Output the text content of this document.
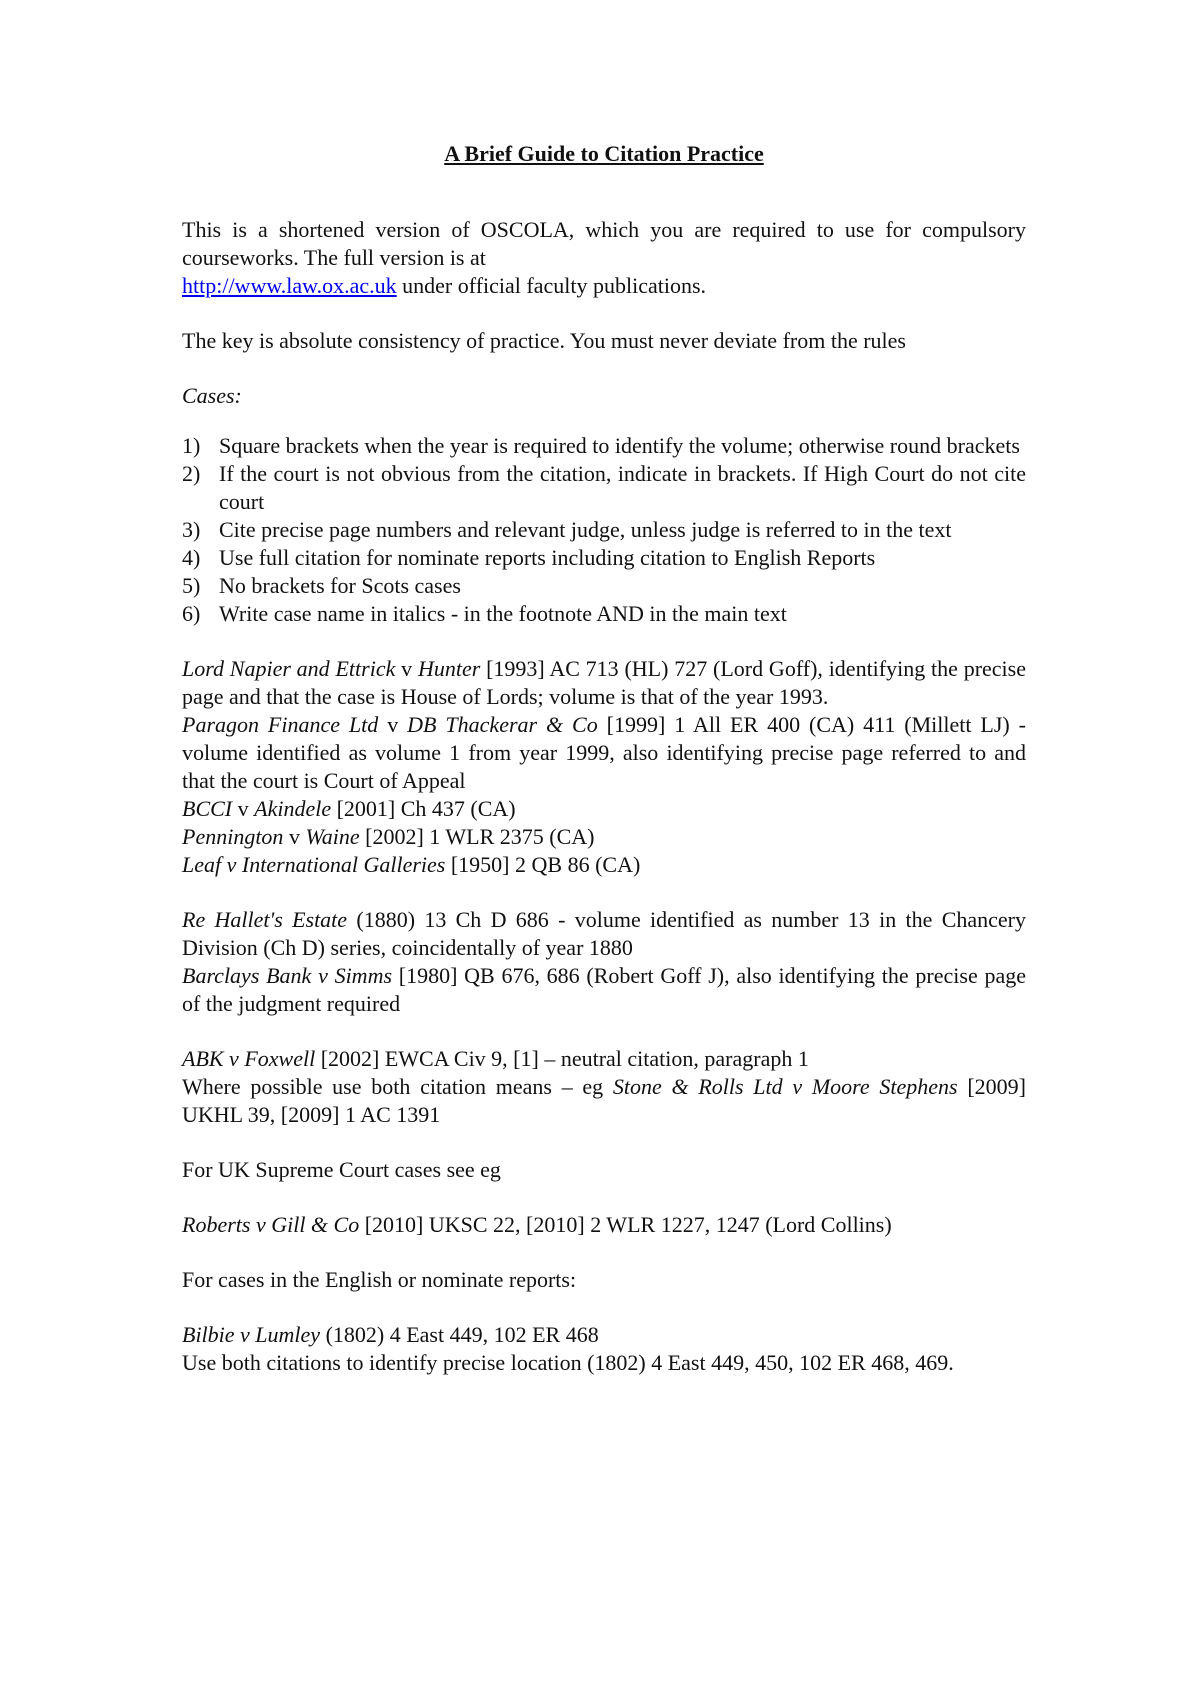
A Brief Guide to Citation Practice

This is a shortened version of OSCOLA, which you are required to use for compulsory courseworks. The full version is at
http://www.law.ox.ac.uk under official faculty publications.

The key is absolute consistency of practice. You must never deviate from the rules

Cases:

1) Square brackets when the year is required to identify the volume; otherwise round brackets
2) If the court is not obvious from the citation, indicate in brackets. If High Court do not cite court
3) Cite precise page numbers and relevant judge, unless judge is referred to in the text
4) Use full citation for nominate reports including citation to English Reports
5) No brackets for Scots cases
6) Write case name in italics - in the footnote AND in the main text

Lord Napier and Ettrick v Hunter [1993] AC 713 (HL) 727 (Lord Goff), identifying the precise page and that the case is House of Lords; volume is that of the year 1993.

Paragon Finance Ltd v DB Thackerar & Co [1999] 1 All ER 400 (CA) 411 (Millett LJ) - volume identified as volume 1 from year 1999, also identifying precise page referred to and that the court is Court of Appeal

BCCI v Akindele [2001] Ch 437 (CA)

Pennington v Waine [2002] 1 WLR 2375 (CA)

Leaf v International Galleries [1950] 2 QB 86 (CA)

Re Hallet's Estate (1880) 13 Ch D 686 - volume identified as number 13 in the Chancery Division (Ch D) series, coincidentally of year 1880

Barclays Bank v Simms [1980] QB 676, 686 (Robert Goff J), also identifying the precise page of the judgment required

ABK v Foxwell [2002] EWCA Civ 9, [1] – neutral citation, paragraph 1

Where possible use both citation means – eg Stone & Rolls Ltd v Moore Stephens [2009] UKHL 39, [2009] 1 AC 1391

For UK Supreme Court cases see eg

Roberts v Gill & Co [2010] UKSC 22, [2010] 2 WLR 1227, 1247 (Lord Collins)

For cases in the English or nominate reports:

Bilbie v Lumley (1802) 4 East 449, 102 ER 468

Use both citations to identify precise location (1802) 4 East 449, 450, 102 ER 468, 469.
